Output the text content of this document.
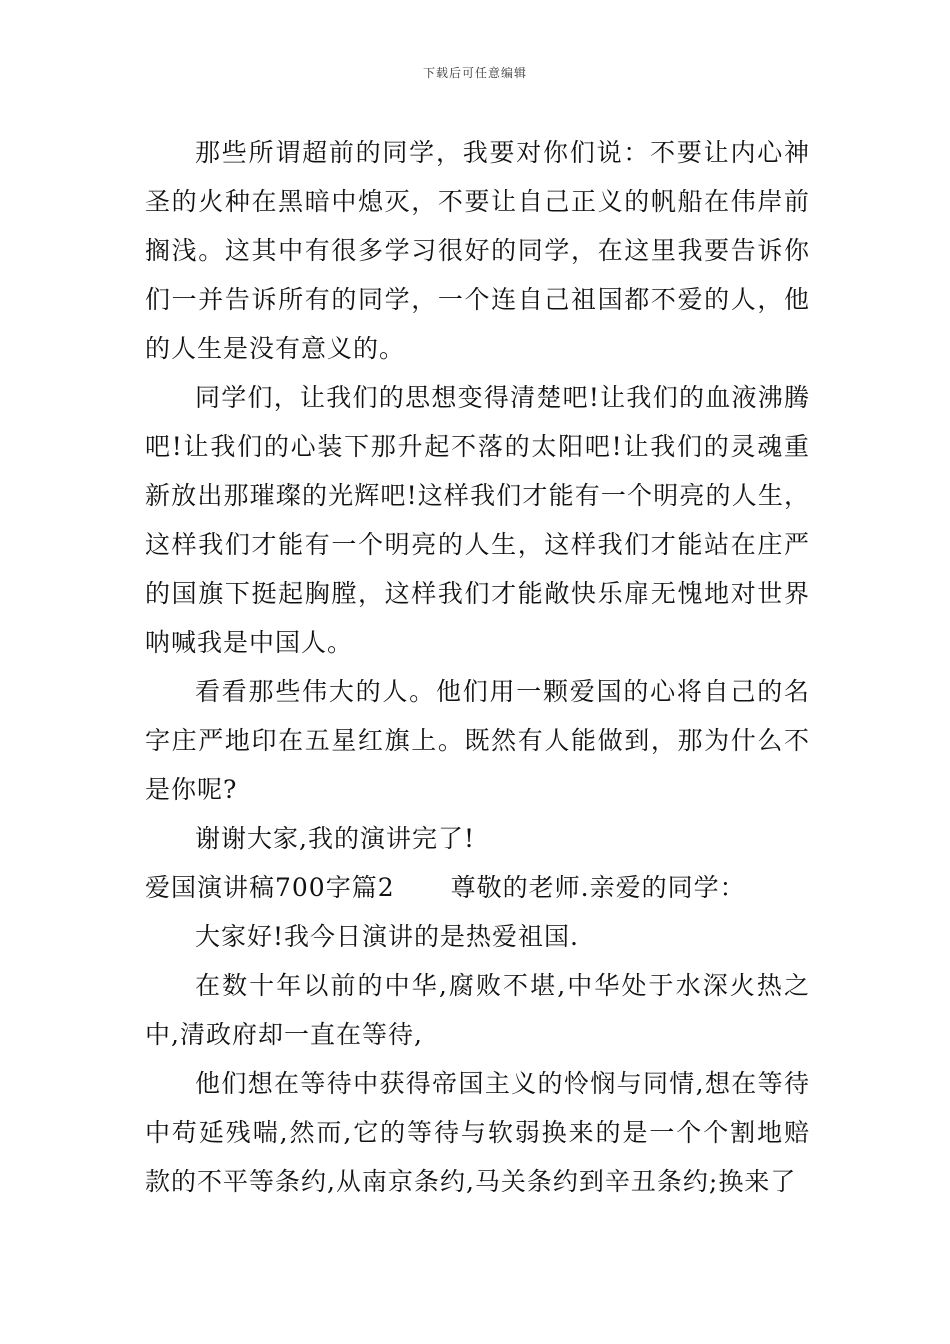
下载后可任意编辑

那些所谓超前的同学，我要对你们说：不要让内心神圣的火种在黑暗中熄灭，不要让自己正义的帆船在伟岸前搁浅。这其中有很多学习很好的同学，在这里我要告诉你们一并告诉所有的同学，一个连自己祖国都不爱的人，他的人生是没有意义的。

同学们，让我们的思想变得清楚吧!让我们的血液沸腾吧!让我们的心装下那升起不落的太阳吧!让我们的灵魂重新放出那璀璨的光辉吧!这样我们才能有一个明亮的人生，这样我们才能有一个明亮的人生，这样我们才能站在庄严的国旗下挺起胸膛，这样我们才能敞快乐扉无愧地对世界呐喊我是中国人。

看看那些伟大的人。他们用一颗爱国的心将自己的名字庄严地印在五星红旗上。既然有人能做到，那为什么不是你呢?

谢谢大家,我的演讲完了!

爱国演讲稿700字篇2 尊敬的老师.亲爱的同学：

大家好!我今日演讲的是热爱祖国.

在数十年以前的中华,腐败不堪,中华处于水深火热之中,清政府却一直在等待,

他们想在等待中获得帝国主义的怜悯与同情,想在等待中苟延残喘,然而,它的等待与软弱换来的是一个个割地赔款的不平等条约,从南京条约,马关条约到辛丑条约;换来了
